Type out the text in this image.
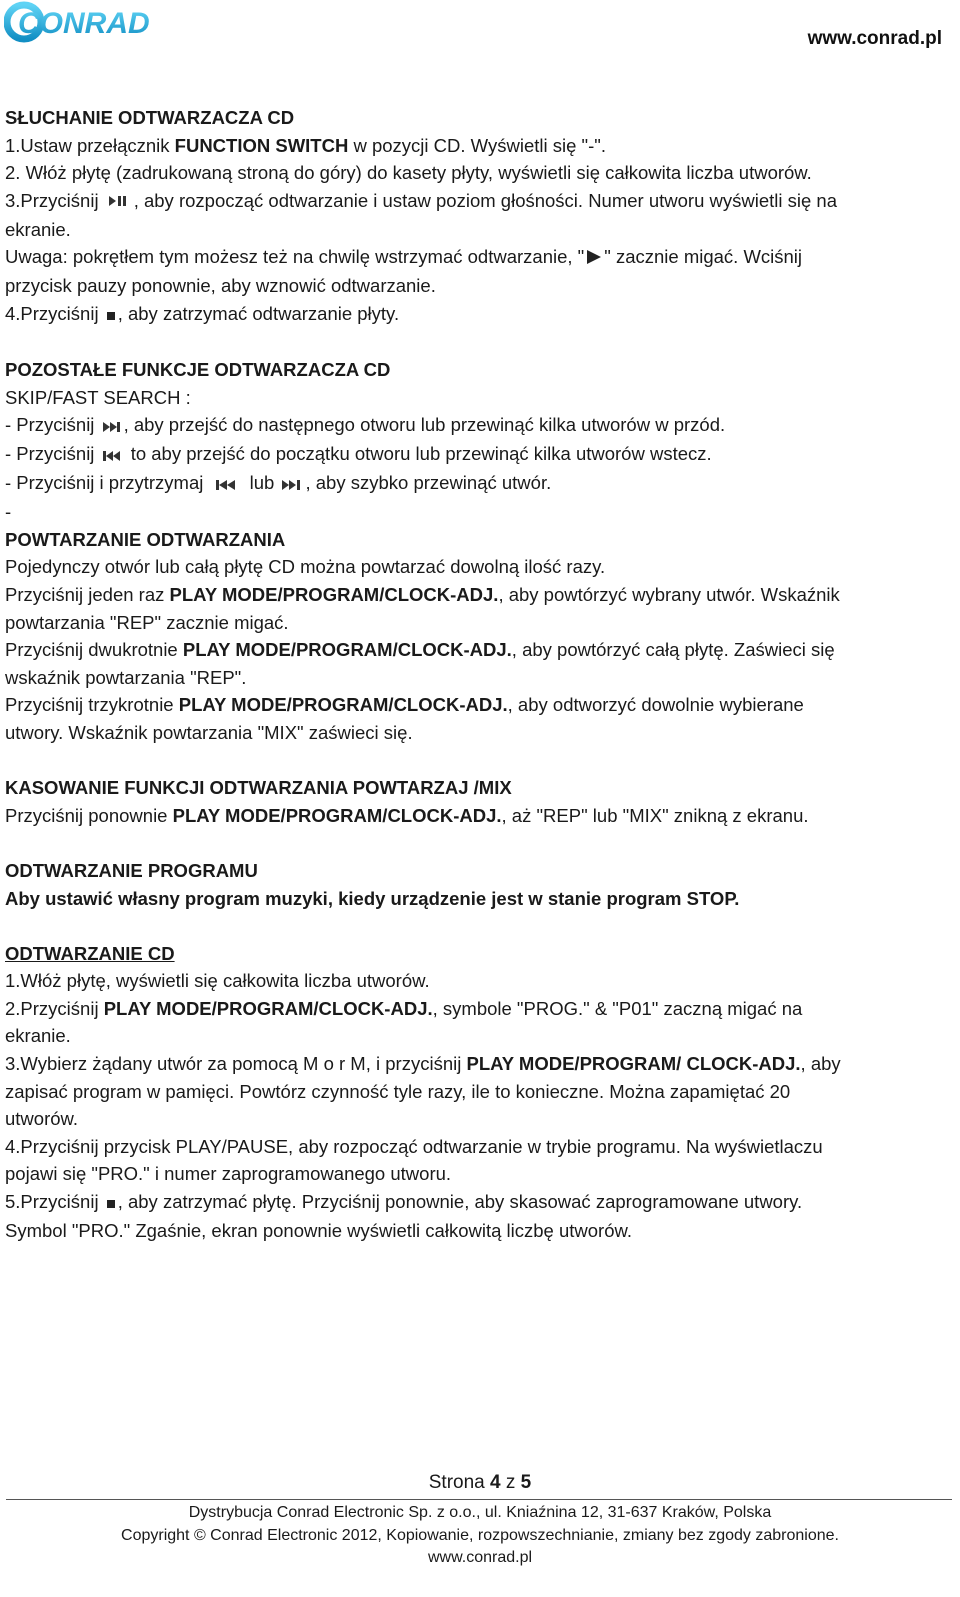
CONRAD	www.conrad.pl
SŁUCHANIE ODTWARZACZA CD
1.Ustaw przełącznik FUNCTION SWITCH w pozycji CD. Wyświetli się "-".
2. Włóż płytę (zadrukowaną stroną do góry) do kasety płyty, wyświetli się całkowita liczba utworów.
3.Przyciśnij , aby rozpocząć odtwarzanie i ustaw poziom głośności. Numer utworu wyświetli się na
ekranie.
Uwaga: pokrętłem tym możesz też na chwilę wstrzymać odtwarzanie, " " zacznie migać. Wciśnij
przycisk pauzy ponownie, aby wznowić odtwarzanie.
4.Przyciśnij , aby zatrzymać odtwarzanie płyty.
POZOSTAŁE FUNKCJE ODTWARZACZA CD
SKIP/FAST SEARCH :
- Przyciśnij , aby przejść do następnego otworu lub przewinąć kilka utworów w przód.
- Przyciśnij  to aby przejść do początku otworu lub przewinąć kilka utworów wstecz.
- Przyciśnij i przytrzymaj  lub , aby szybko przewinąć utwór.
-
POWTARZANIE ODTWARZANIA
Pojedynczy otwór lub całą płytę CD można powtarzać dowolną ilość razy.
Przyciśnij jeden raz PLAY MODE/PROGRAM/CLOCK-ADJ., aby powtórzyć wybrany utwór. Wskaźnik
powtarzania "REP" zacznie migać.
Przyciśnij dwukrotnie PLAY MODE/PROGRAM/CLOCK-ADJ., aby powtórzyć całą płytę. Zaświeci się
wskaźnik powtarzania "REP".
Przyciśnij trzykrotnie PLAY MODE/PROGRAM/CLOCK-ADJ., aby odtworzyć dowolnie wybierane
utwory. Wskaźnik powtarzania "MIX" zaświeci się.
KASOWANIE FUNKCJI ODTWARZANIA POWTARZAJ /MIX
Przyciśnij ponownie PLAY MODE/PROGRAM/CLOCK-ADJ., aż "REP" lub "MIX" znikną z ekranu.
ODTWARZANIE PROGRAMU
Aby ustawić własny program muzyki, kiedy urządzenie jest w stanie program STOP.
ODTWARZANIE CD
1.Włóż płytę, wyświetli się całkowita liczba utworów.
2.Przyciśnij PLAY MODE/PROGRAM/CLOCK-ADJ., symbole "PROG." & "P01" zaczną migać na
ekranie.
3.Wybierz żądany utwór za pomocą M o r M, i przyciśnij PLAY MODE/PROGRAM/ CLOCK-ADJ., aby
zapisać program w pamięci. Powtórz czynność tyle razy, ile to konieczne. Można zapamiętać 20
utworów.
4.Przyciśnij przycisk PLAY/PAUSE, aby rozpocząć odtwarzanie w trybie programu. Na wyświetlaczu
pojawi się "PRO." i numer zaprogramowanego utworu.
5.Przyciśnij , aby zatrzymać płytę. Przyciśnij ponownie, aby skasować zaprogramowane utwory.
Symbol "PRO." Zgaśnie, ekran ponownie wyświetli całkowitą liczbę utworów.
Strona 4 z 5
Dystrybucja Conrad Electronic Sp. z o.o., ul. Kniaźnina 12, 31-637 Kraków, Polska
Copyright © Conrad Electronic 2012, Kopiowanie, rozpowszechnianie, zmiany bez zgody zabronione.
www.conrad.pl
